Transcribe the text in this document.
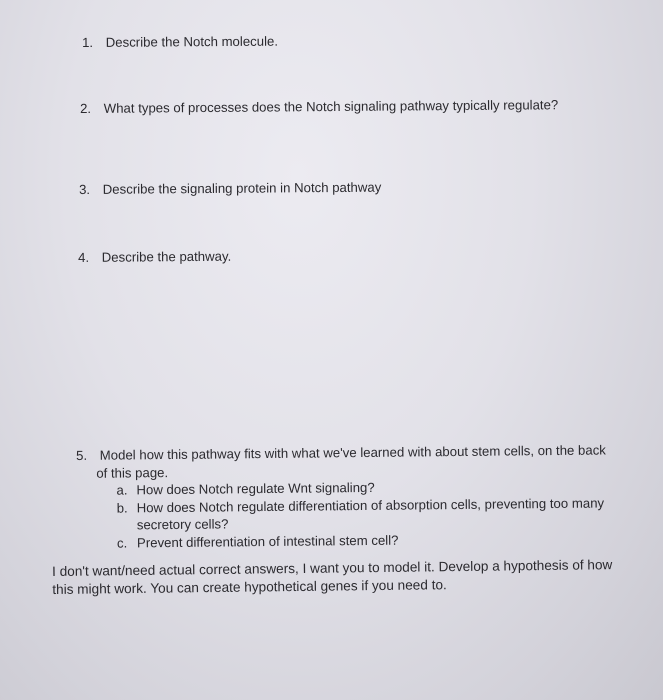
1. Describe the Notch molecule.
2. What types of processes does the Notch signaling pathway typically regulate?
3. Describe the signaling protein in Notch pathway
4. Describe the pathway.
5. Model how this pathway fits with what we've learned with about stem cells, on the back
of this page.
a. How does Notch regulate Wnt signaling?
b. How does Notch regulate differentiation of absorption cells, preventing too many
secretory cells?
c. Prevent differentiation of intestinal stem cell?
I don't want/need actual correct answers, I want you to model it. Develop a hypothesis of how
this might work. You can create hypothetical genes if you need to.
